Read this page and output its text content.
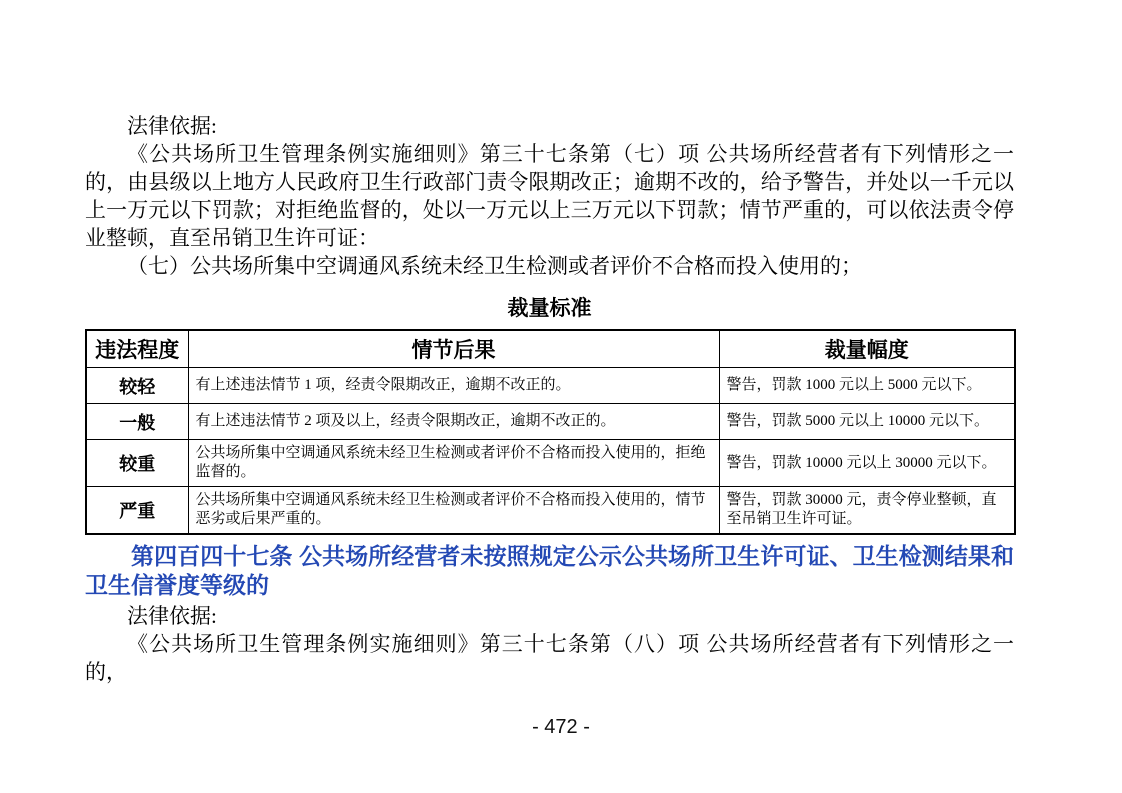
法律依据:

《公共场所卫生管理条例实施细则》第三十七条第（七）项 公共场所经营者有下列情形之一的，由县级以上地方人民政府卫生行政部门责令限期改正；逾期不改的，给予警告，并处以一千元以上一万元以下罚款；对拒绝监督的，处以一万元以上三万元以下罚款；情节严重的，可以依法责令停业整顿，直至吊销卫生许可证：

（七）公共场所集中空调通风系统未经卫生检测或者评价不合格而投入使用的；

裁量标准
违法程度	情节后果	裁量幅度
较轻	有上述违法情节 1 项，经责令限期改正，逾期不改正的。	警告，罚款 1000 元以上 5000 元以下。
一般	有上述违法情节 2 项及以上，经责令限期改正，逾期不改正的。	警告，罚款 5000 元以上 10000 元以下。
较重	公共场所集中空调通风系统未经卫生检测或者评价不合格而投入使用的，拒绝监督的。	警告，罚款 10000 元以上 30000 元以下。
严重	公共场所集中空调通风系统未经卫生检测或者评价不合格而投入使用的，情节恶劣或后果严重的。	警告，罚款 30000 元，责令停业整顿，直至吊销卫生许可证。
第四百四十七条 公共场所经营者未按照规定公示公共场所卫生许可证、卫生检测结果和卫生信誉度等级的

法律依据:

《公共场所卫生管理条例实施细则》第三十七条第（八）项 公共场所经营者有下列情形之一的，

- 472 -
